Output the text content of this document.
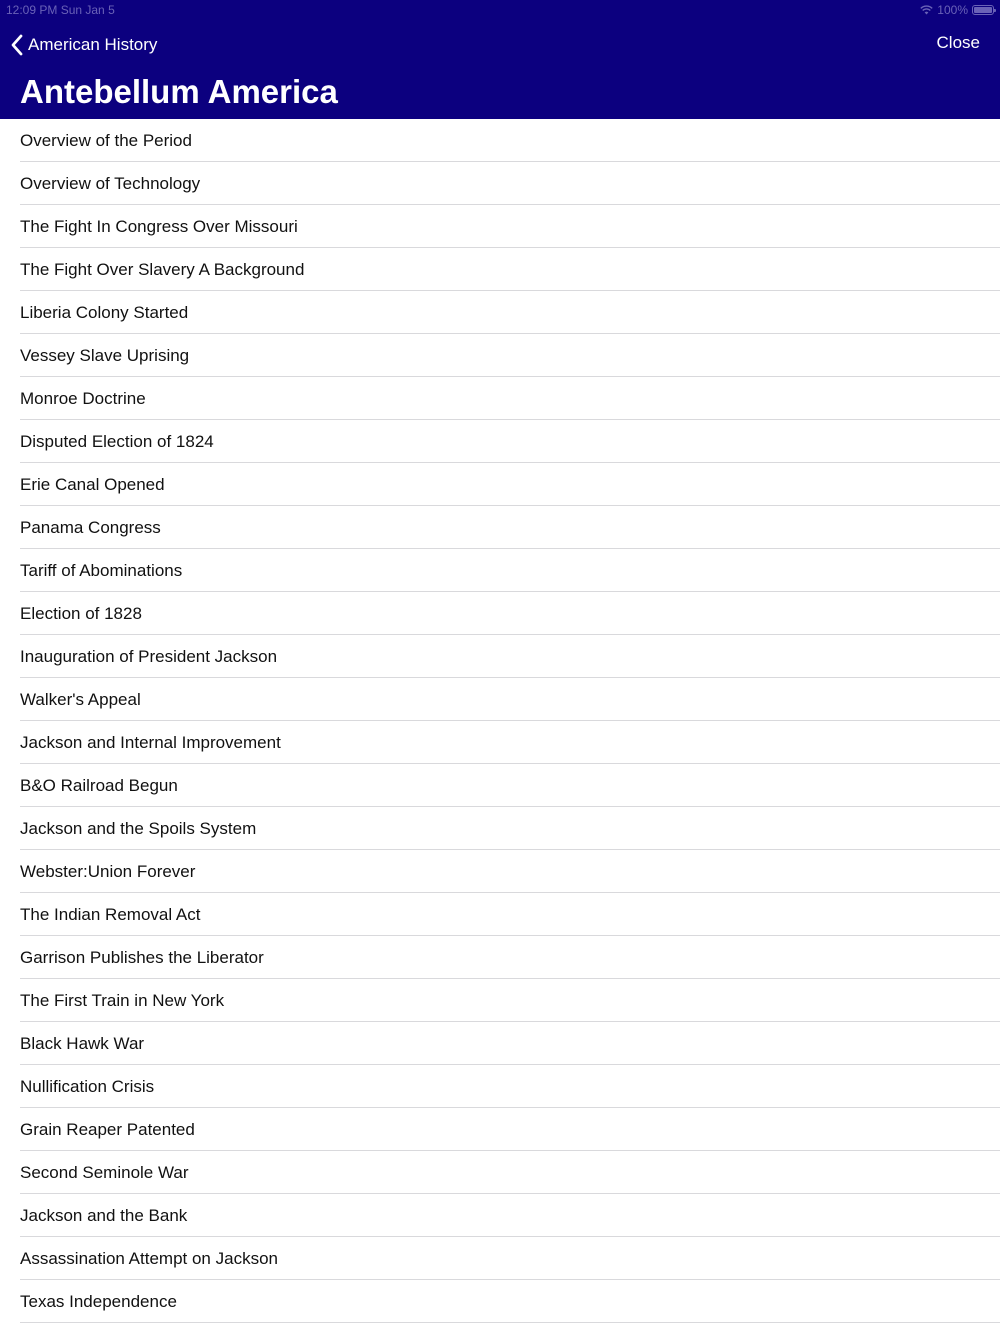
12:09 PM Sun Jan 5	100%
American History	Close
Antebellum America
Overview of the Period
Overview of Technology
The Fight In Congress Over Missouri
The Fight Over Slavery A Background
Liberia Colony Started
Vessey Slave Uprising
Monroe Doctrine
Disputed Election of 1824
Erie Canal Opened
Panama Congress
Tariff of Abominations
Election of 1828
Inauguration of President Jackson
Walker's Appeal
Jackson and Internal Improvement
B&O Railroad Begun
Jackson and the Spoils System
Webster:Union Forever
The Indian Removal Act
Garrison Publishes the Liberator
The First Train in New York
Black Hawk War
Nullification Crisis
Grain Reaper Patented
Second Seminole War
Jackson and the Bank
Assassination Attempt on Jackson
Texas Independence
